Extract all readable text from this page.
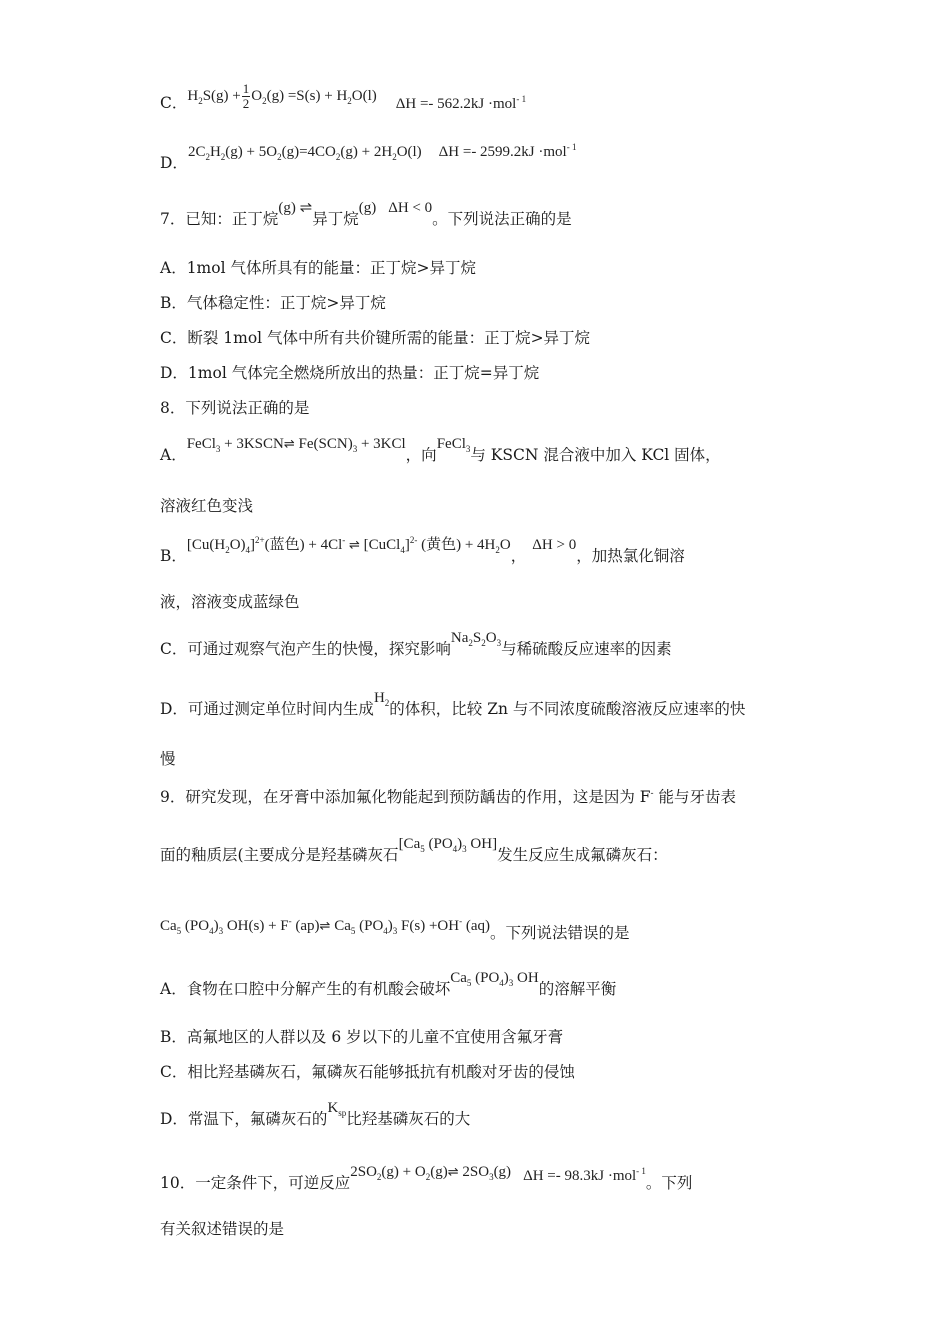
C．$H_2S(g) + \frac{1}{2} O_2(g) =S(s) + H_2O(l) \Delta H =- 562.2kJ \cdot mol^{- 1}$
D．$2C_2H_2(g) + 5O_2(g)=4CO_2(g) + 2H_2O(l) \Delta H =- 2599.2kJ \cdot mol^{- 1}$
7．已知：正丁烷(g) ⇌异丁烷(g) ΔH < 0。下列说法正确的是
A．1mol 气体所具有的能量：正丁烷>异丁烷
B．气体稳定性：正丁烷>异丁烷
C．断裂 1mol 气体中所有共价键所需的能量：正丁烷>异丁烷
D．1mol 气体完全燃烧所放出的热量：正丁烷=异丁烷
8．下列说法正确的是
A．FeCl$_3$ + 3KSCN⇌ $Fe(SCN)_3 + 3KCl$，向FeCl$_3$与 KSCN 混合液中加入 KCl 固体，
溶液红色变浅
B．$[Cu(H_2O)_4]^{2+}$(蓝色) + 4Cl- ⇌ [CuCl$_4$]$^{2-}$ (黄色) + $4H_2O$，ΔH > 0，加热氯化铜溶
液，溶液变成蓝绿色
C．可通过观察气泡产生的快慢，探究影响$Na_2S_2O_3$与稀硫酸反应速率的因素
D．可通过测定单位时间内生成$H_2$的体积，比较 Zn 与不同浓度硫酸溶液反应速率的快
慢
9．研究发现，在牙膏中添加氟化物能起到预防龋齿的作用，这是因为 F- 能与牙齿表
面的釉质层(主要成分是羟基磷灰石[$Ca_5$ $(PO_4)_3$ OH]发生反应生成氟磷灰石：
$Ca_5$ $(PO_4)_3$ OH(s) + F- (ap)⇌ $Ca_5$ $(PO_4)_3$ F(s) +OH- (aq)。下列说法错误的是
A．食物在口腔中分解产生的有机酸会破坏$Ca_5$ $(PO_4)_3$ OH的溶解平衡
B．高氟地区的人群以及 6 岁以下的儿童不宜使用含氟牙膏
C．相比羟基磷灰石，氟磷灰石能够抵抗有机酸对牙齿的侵蚀
D．常温下，氟磷灰石的$K_{sp}$比羟基磷灰石的大
10．一定条件下，可逆反应$2SO_2(g)$ + $O_2(g)\rightleftharpoons$ $2SO_3(g) \Delta H =- 98.3kJ \cdot mol^{- 1}$。下列
有关叙述错误的是
